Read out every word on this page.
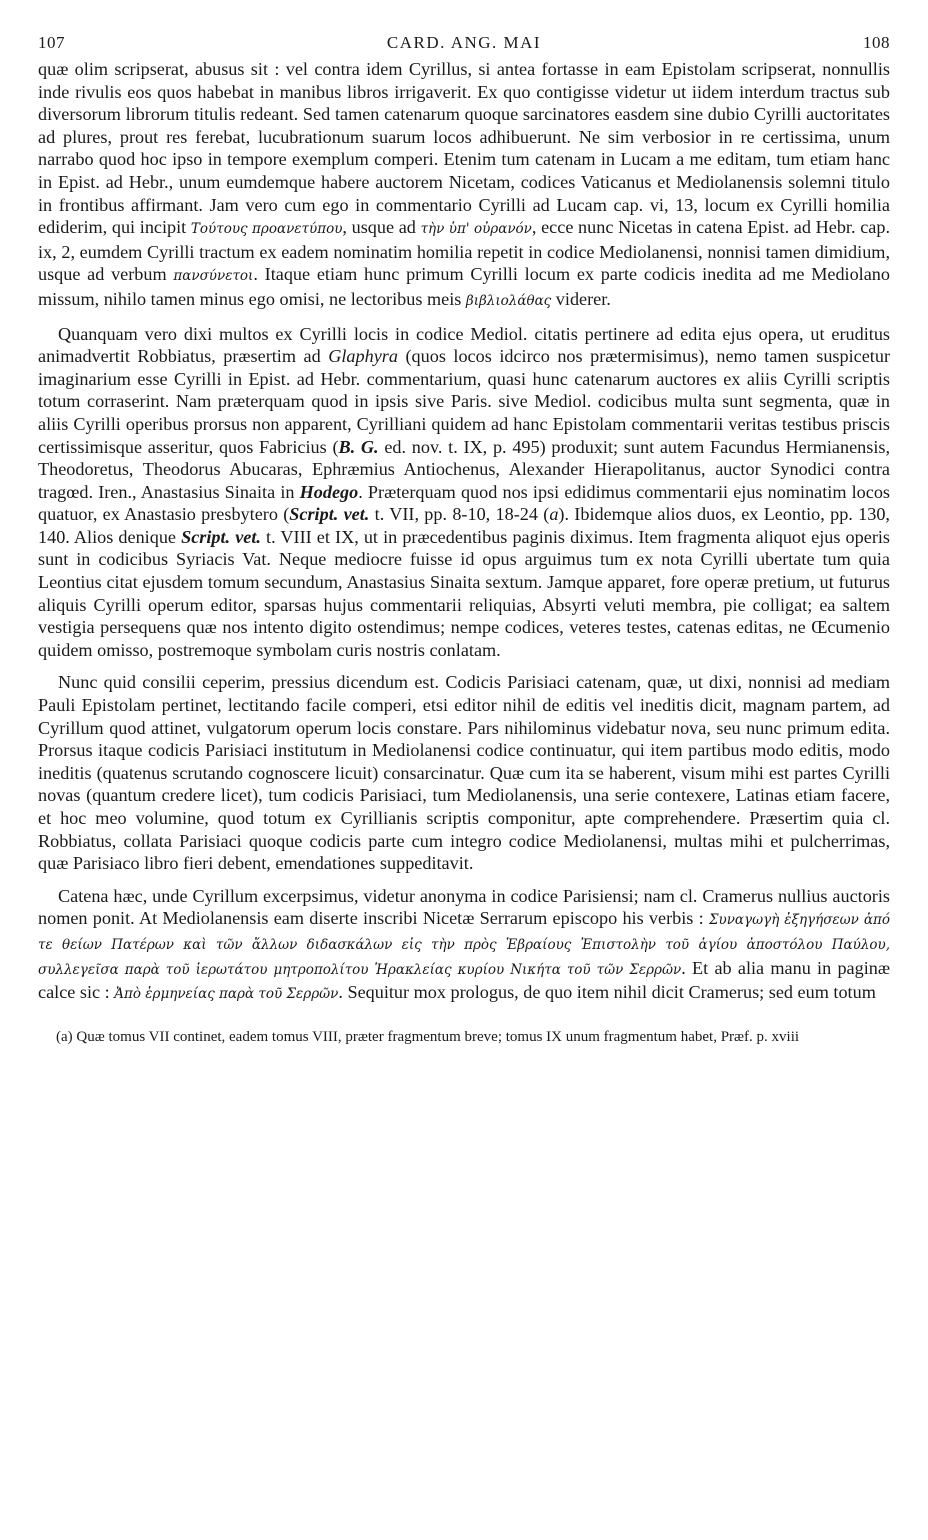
107	CARD. ANG. MAI	108

quæ olim scripserat, abusus sit : vel contra idem Cyrillus, si antea fortasse in eam Epistolam scripserat, nonnullis inde rivulis eos quos habebat in manibus libros irrigaverit. Ex quo contigisse videtur ut iidem interdum tractus sub diversorum librorum titulis redeant. Sed tamen catenarum quoque sarcinatores easdem sine dubio Cyrilli auctoritates ad plures, prout res ferebat, lucubrationum suarum locos adhibuerunt. Ne sim verbosior in re certissima, unum narrabo quod hoc ipso in tempore exemplum comperi. Etenim tum catenam in Lucam a me editam, tum etiam hanc in Epist. ad Hebr., unum eumdemque habere auctorem Nicetam, codices Vaticanus et Mediolanensis solemni titulo in frontibus affirmant. Jam vero cum ego in commentario Cyrilli ad Lucam cap. vi, 13, locum ex Cyrilli homilia ediderim, qui incipit Τούτους προανετύπου, usque ad τὴν ὑπ' οὐρανόν, ecce nunc Nicetas in catena Epist. ad Hebr. cap. ix, 2, eumdem Cyrilli tractum ex eadem nominatim homilia repetit in codice Mediolanensi, nonnisi tamen dimidium, usque ad verbum πανσύνετοι. Itaque etiam hunc primum Cyrilli locum ex parte codicis inedita ad me Mediolano missum, nihilo tamen minus ego omisi, ne lectoribus meis βιβλιολάθας viderer.

Quanquam vero dixi multos ex Cyrilli locis in codice Mediol. citatis pertinere ad edita ejus opera, ut eruditus animadvertit Robbiatus, præsertim ad Glaphyra (quos locos idcirco nos prætermisimus), nemo tamen suspicetur imaginarium esse Cyrilli in Epist. ad Hebr. commentarium, quasi hunc catenarum auctores ex aliis Cyrilli scriptis totum corraserint. Nam præterquam quod in ipsis sive Paris. sive Mediol. codicibus multa sunt segmenta, quæ in aliis Cyrilli operibus prorsus non apparent, Cyrilliani quidem ad hanc Epistolam commentarii veritas testibus priscis certissimisque asseritur, quos Fabricius (B. G. ed. nov. t. IX, p. 495) produxit; sunt autem Facundus Hermianensis, Theodoretus, Theodorus Abucaras, Ephræmius Antiochenus, Alexander Hierapolitanus, auctor Synodici contra tragœd. Iren., Anastasius Sinaita in Hodego. Præterquam quod nos ipsi edidimus commentarii ejus nominatim locos quatuor, ex Anastasio presbytero (Script. vet. t. VII, pp. 8-10, 18-24 (a). Ibidemque alios duos, ex Leontio, pp. 130, 140. Alios denique Script. vet. t. VIII et IX, ut in præcedentibus paginis diximus. Item fragmenta aliquot ejus operis sunt in codicibus Syriacis Vat. Neque mediocre fuisse id opus arguimus tum ex nota Cyrilli ubertate tum quia Leontius citat ejusdem tomum secundum, Anastasius Sinaita sextum. Jamque apparet, fore operæ pretium, ut futurus aliquis Cyrilli operum editor, sparsas hujus commentarii reliquias, Absyrti veluti membra, pie colligat; ea saltem vestigia persequens quæ nos intento digito ostendimus; nempe codices, veteres testes, catenas editas, ne Œcumenio quidem omisso, postremoque symbolam curis nostris conlatam.

Nunc quid consilii ceperim, pressius dicendum est. Codicis Parisiaci catenam, quæ, ut dixi, nonnisi ad mediam Pauli Epistolam pertinet, lectitando facile comperi, etsi editor nihil de editis vel ineditis dicit, magnam partem, ad Cyrillum quod attinet, vulgatorum operum locis constare. Pars nihilominus videbatur nova, seu nunc primum edita. Prorsus itaque codicis Parisiaci institutum in Mediolanensi codice continuatur, qui item partibus modo editis, modo ineditis (quatenus scrutando cognoscere licuit) consarcinatur. Quæ cum ita se haberent, visum mihi est partes Cyrilli novas (quantum credere licet), tum codicis Parisiaci, tum Mediolanensis, una serie contexere, Latinas etiam facere, et hoc meo volumine, quod totum ex Cyrillianis scriptis componitur, apte comprehendere. Præsertim quia cl. Robbiatus, collata Parisiaci quoque codicis parte cum integro codice Mediolanensi, multas mihi et pulcherrimas, quæ Parisiaco libro fieri debent, emendationes suppeditavit.

Catena hæc, unde Cyrillum excerpsimus, videtur anonyma in codice Parisiensi; nam cl. Cramerus nullius auctoris nomen ponit. At Mediolanensis eam diserte inscribi Nicetæ Serrarum episcopo his verbis : Συναγωγὴ ἐξηγήσεων ἀπό τε θείων Πατέρων καὶ τῶν ἄλλων διδασκάλων εἰς τὴν πρὸς Ἑβραίους Ἐπιστολὴν τοῦ ἁγίου ἀποστόλου Παύλου, συλλεγεῖσα παρὰ τοῦ ἱερωτάτου μητροπολίτου Ἡρακλείας κυρίου Νικήτα τοῦ τῶν Σερρῶν. Et ab alia manu in paginæ calce sic : Ἀπὸ ἑρμηνείας παρὰ τοῦ Σερρῶν. Sequitur mox prologus, de quo item nihil dicit Cramerus; sed eum totum

(a) Quæ tomus VII continet, eadem tomus VIII, præter fragmentum breve; tomus IX unum fragmentum habet, Præf. p. xviii
